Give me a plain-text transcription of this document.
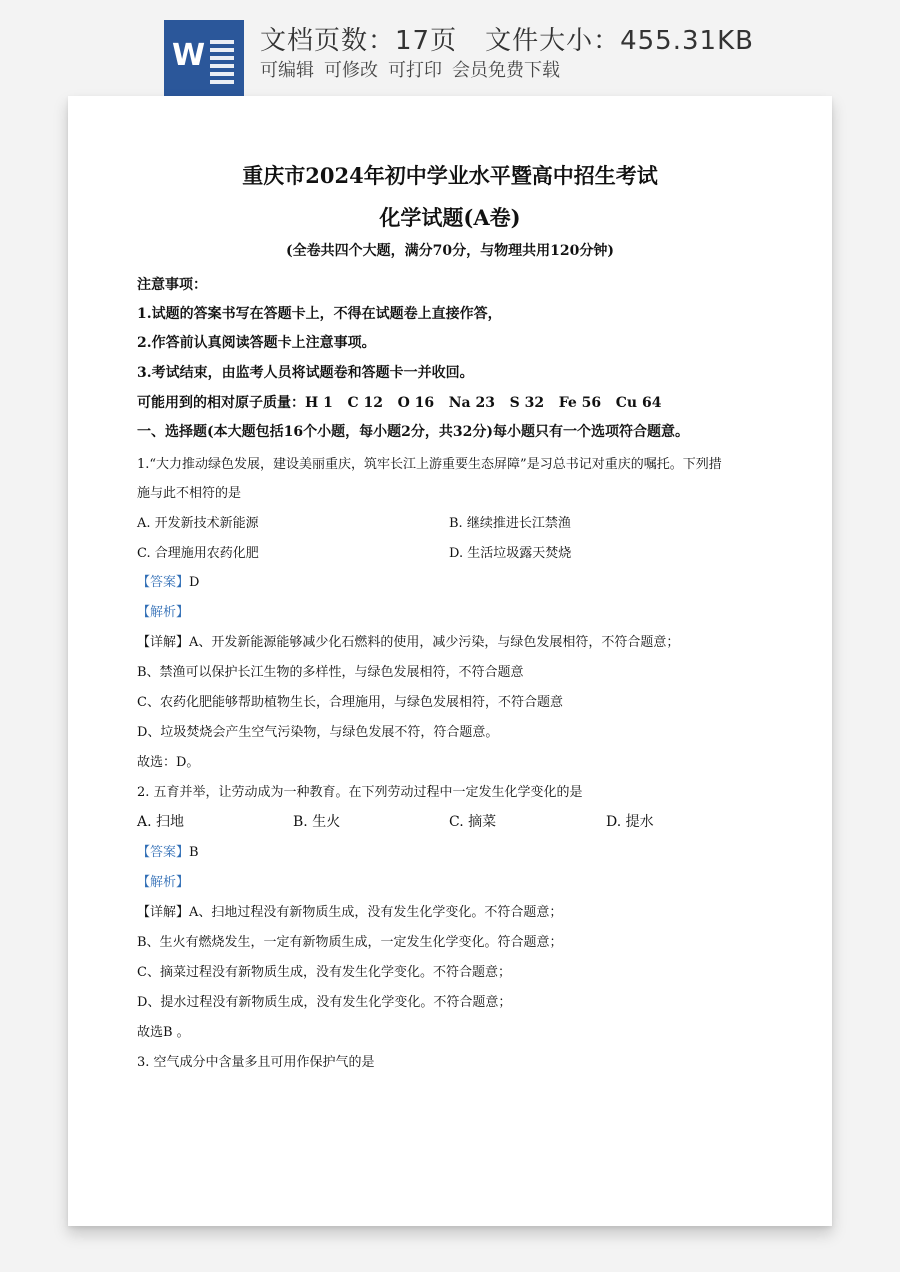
W 文档页数：17页 文件大小：455.31KB
可编辑 可修改 可打印 会员免费下载
重庆市2024年初中学业水平暨高中招生考试
化学试题(A卷)
(全卷共四个大题，满分70分，与物理共用120分钟)
注意事项：
1.试题的答案书写在答题卡上，不得在试题卷上直接作答，
2.作答前认真阅读答题卡上注意事项。
3.考试结束，由监考人员将试题卷和答题卡一并收回。
可能用到的相对原子质量：H 1   C 12   O 16   Na 23   S 32   Fe 56   Cu 64
一、选择题(本大题包括16个小题，每小题2分，共32分)每小题只有一个选项符合题意。
1.“大力推动绿色发展，建设美丽重庆，筑牢长江上游重要生态屏障”是习总书记对重庆的嘱托。下列措
施与此不相符的是
A. 开发新技术新能源	B. 继续推进长江禁渔
C. 合理施用农药化肥	D. 生活垃圾露天焚烧
【答案】D
【解析】
【详解】A、开发新能源能够减少化石燃料的使用，减少污染，与绿色发展相符，不符合题意；
B、禁渔可以保护长江生物的多样性，与绿色发展相符，不符合题意
C、农药化肥能够帮助植物生长，合理施用，与绿色发展相符，不符合题意
D、垃圾焚烧会产生空气污染物，与绿色发展不符，符合题意。
故选：D。
2. 五育并举，让劳动成为一种教育。在下列劳动过程中一定发生化学变化的是
A. 扫地	B. 生火	C. 摘菜	D. 提水
【答案】B
【解析】
【详解】A、扫地过程没有新物质生成，没有发生化学变化。不符合题意；
B、生火有燃烧发生，一定有新物质生成，一定发生化学变化。符合题意；
C、摘菜过程没有新物质生成，没有发生化学变化。不符合题意；
D、提水过程没有新物质生成，没有发生化学变化。不符合题意；
故选B 。
3. 空气成分中含量多且可用作保护气的是
